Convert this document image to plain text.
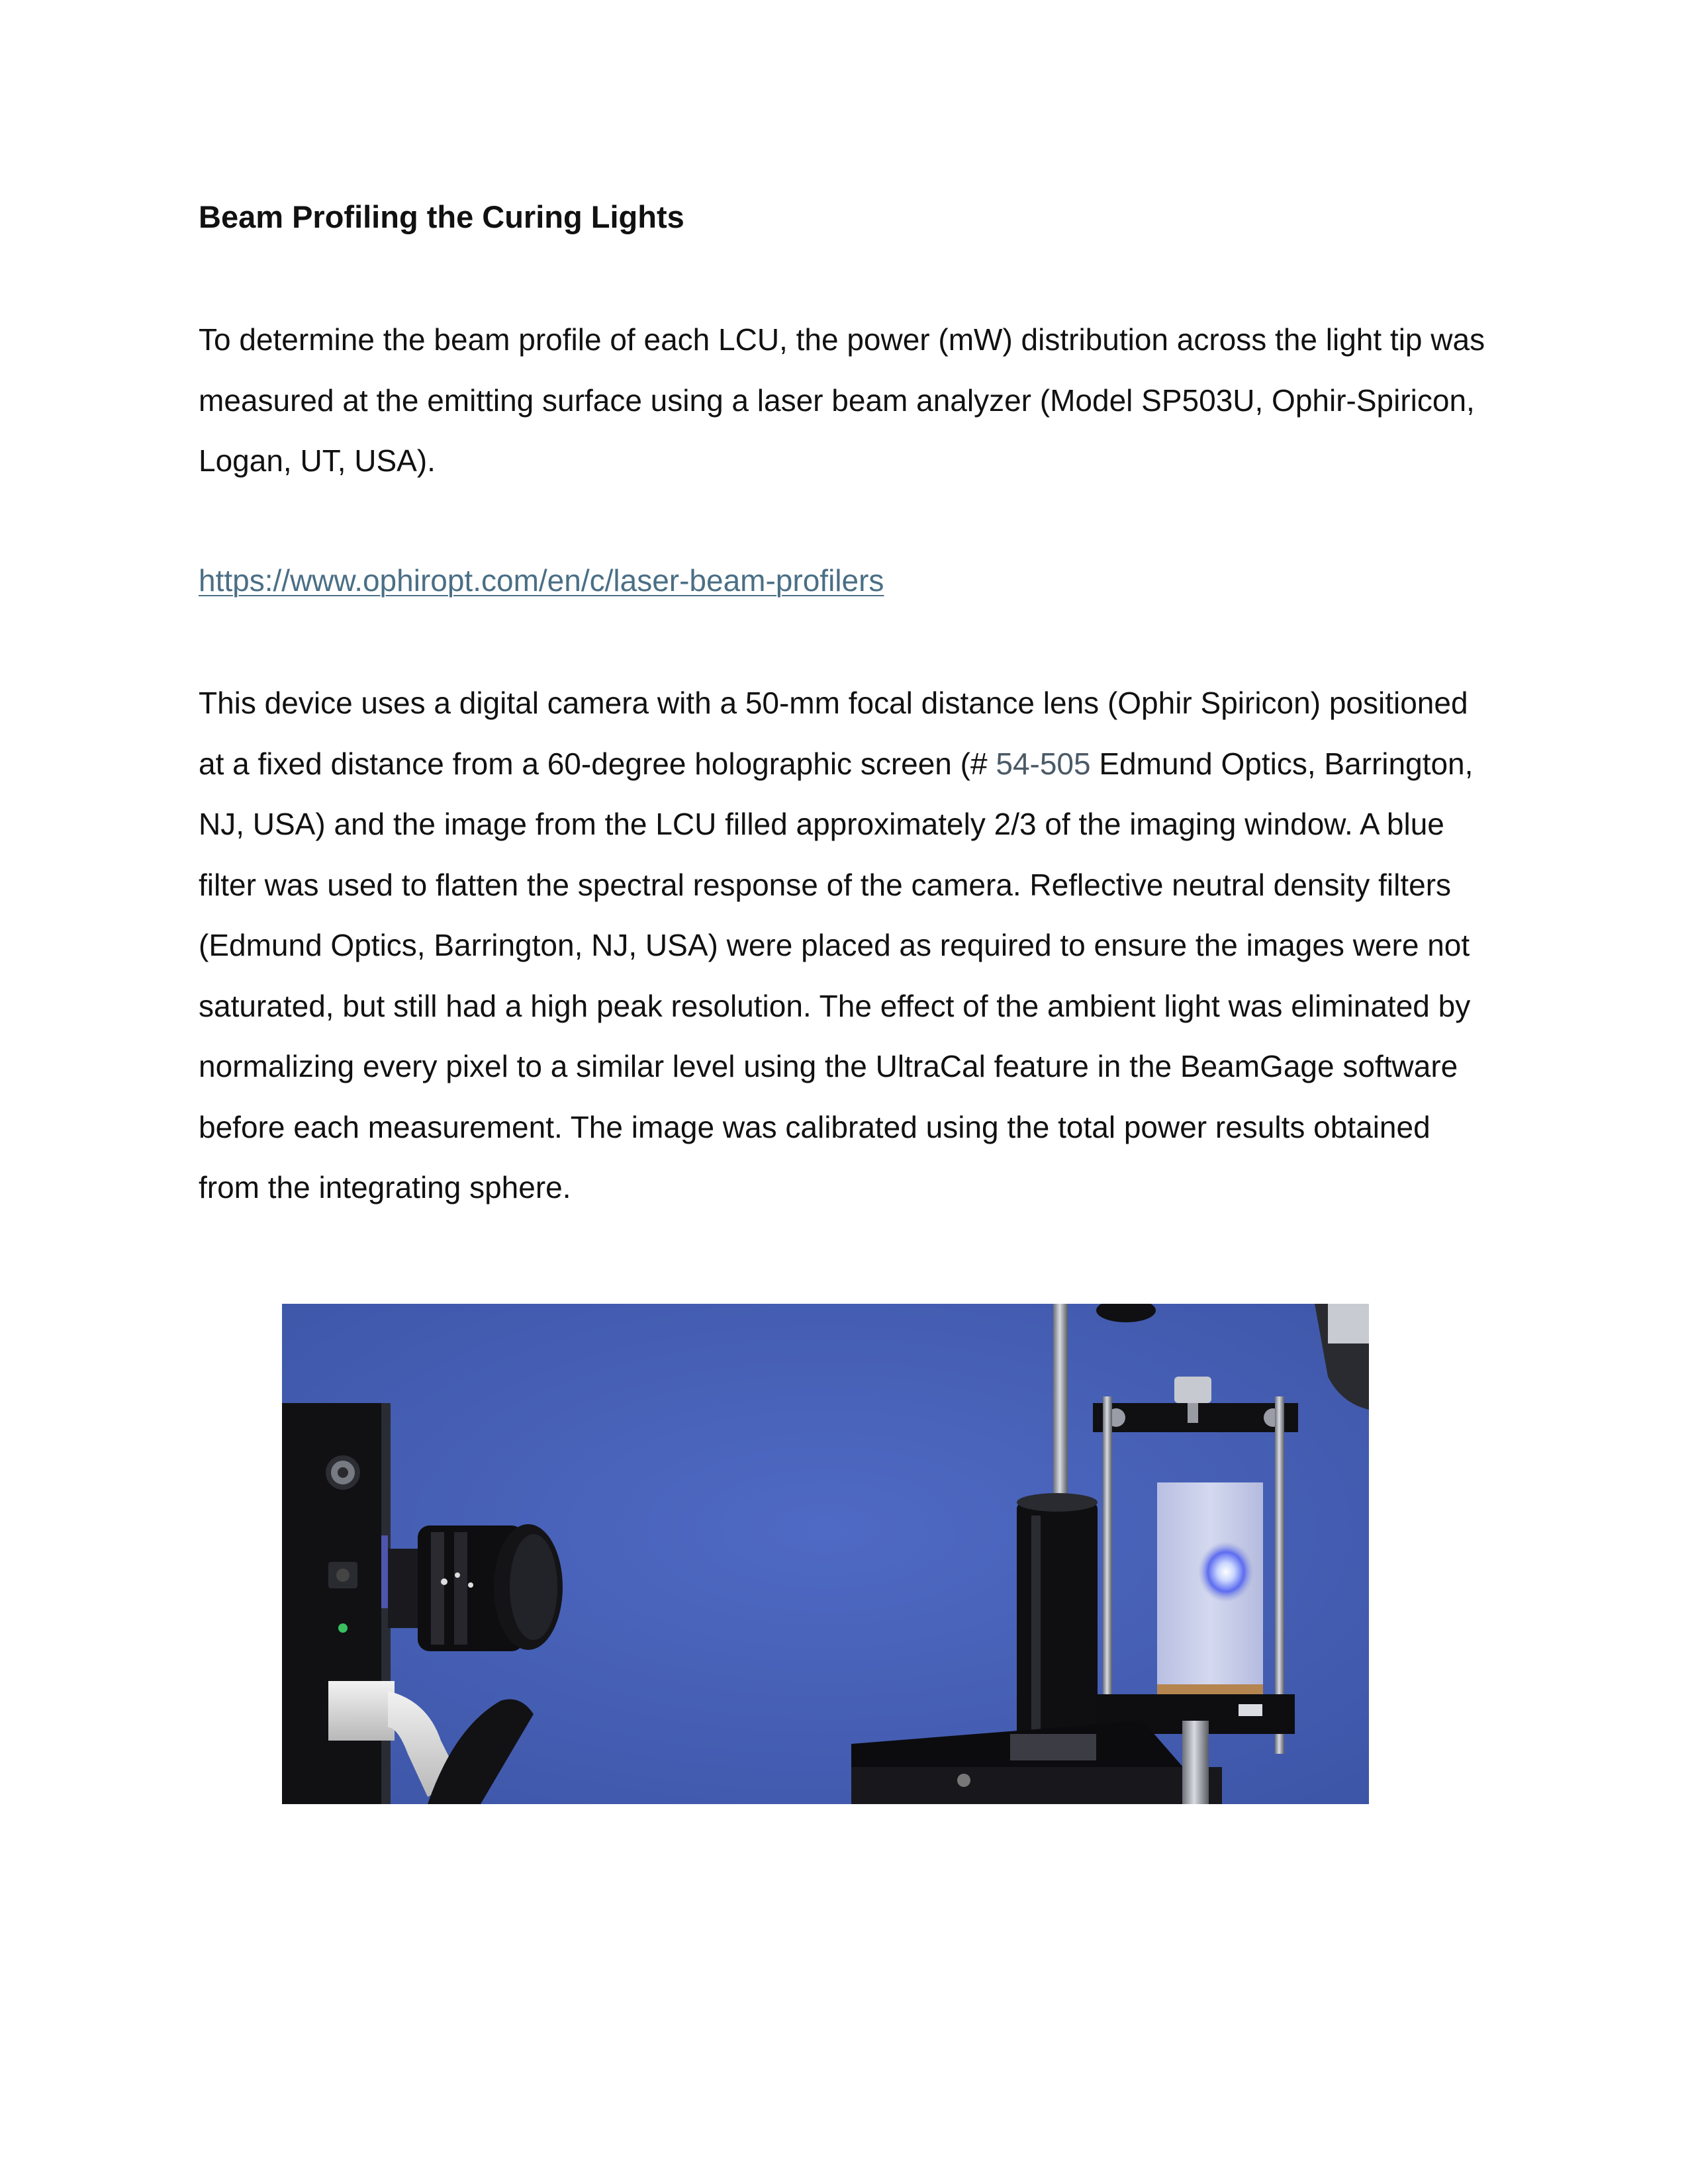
Beam Profiling the Curing Lights
To determine the beam profile of each LCU, the power (mW) distribution across the light tip was measured at the emitting surface using a laser beam analyzer (Model SP503U, Ophir-Spiricon, Logan, UT, USA).
https://www.ophiropt.com/en/c/laser-beam-profilers
This device uses a digital camera with a 50-mm focal distance lens (Ophir Spiricon) positioned at a fixed distance from a 60-degree holographic screen (# 54-505 Edmund Optics, Barrington, NJ, USA) and the image from the LCU filled approximately 2/3 of the imaging window. A blue filter was used to flatten the spectral response of the camera. Reflective neutral density filters (Edmund Optics, Barrington, NJ, USA) were placed as required to ensure the images were not saturated, but still had a high peak resolution. The effect of the ambient light was eliminated by normalizing every pixel to a similar level using the UltraCal feature in the BeamGage software before each measurement. The image was calibrated using the total power results obtained from the integrating sphere.
